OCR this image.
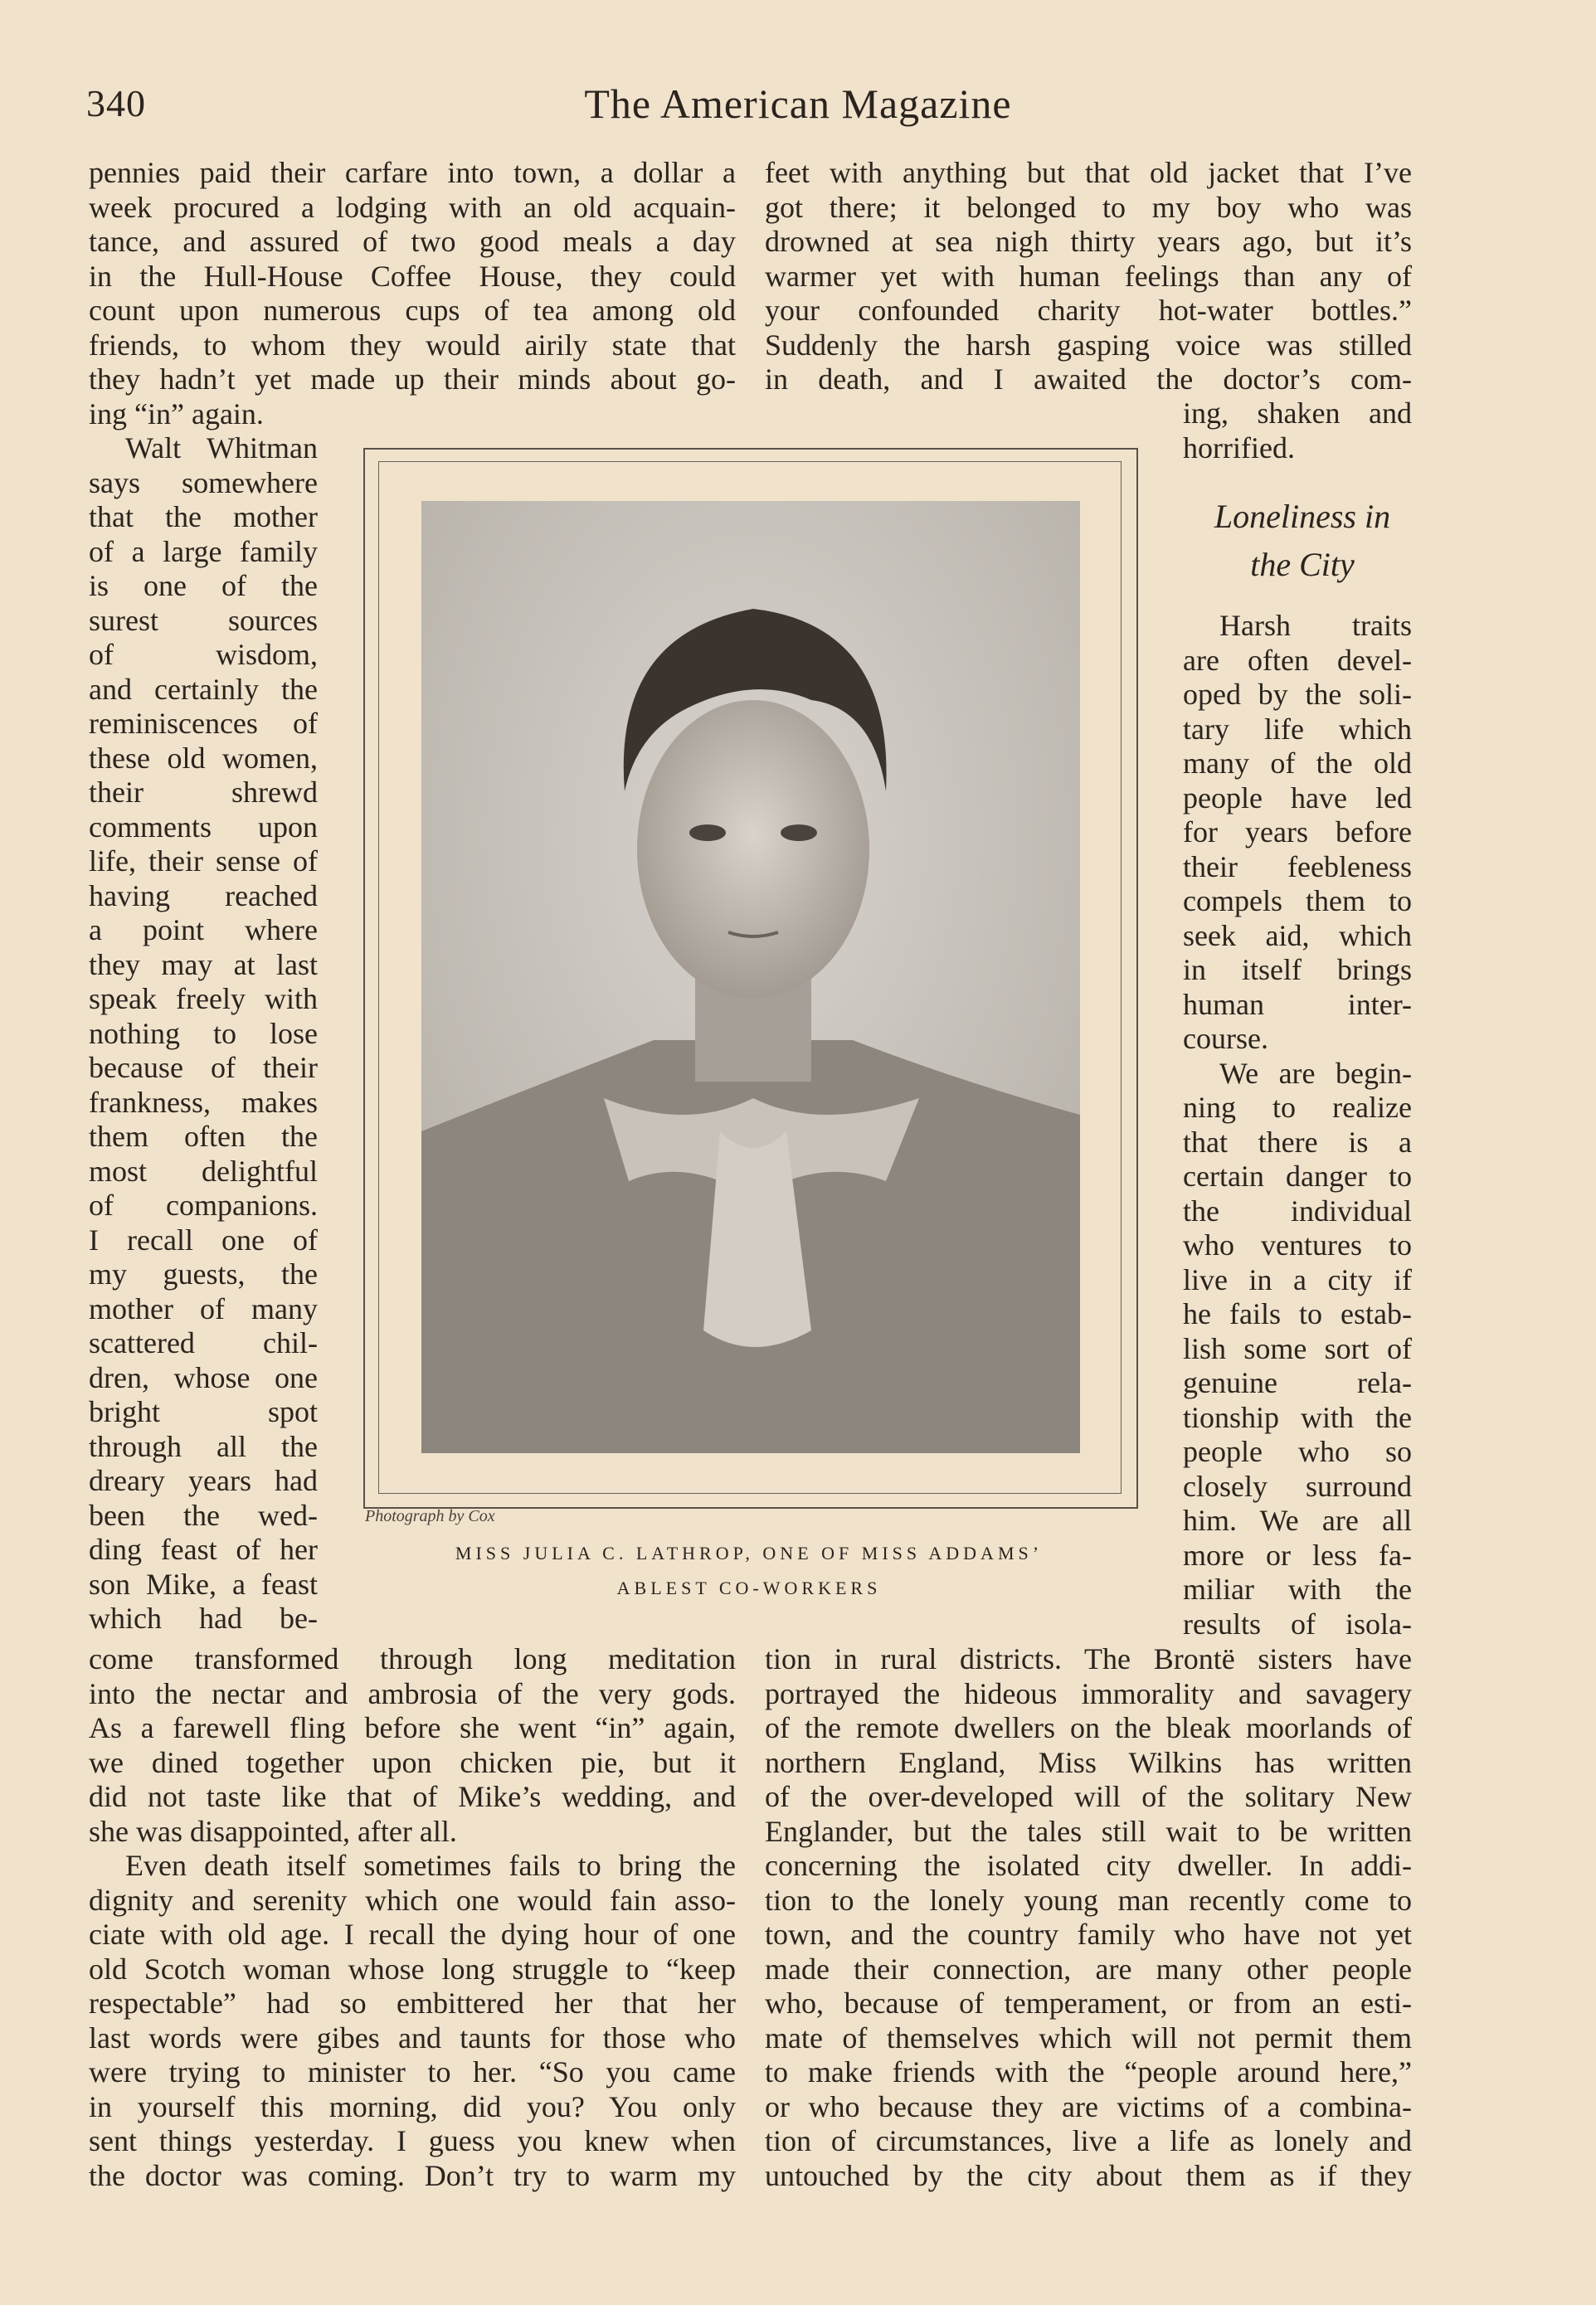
340	The American Magazine
pennies paid their carfare into town, a dollar a
week procured a lodging with an old acquain-
tance, and assured of two good meals a day
in the Hull-House Coffee House, they could
count upon numerous cups of tea among old
friends, to whom they would airily state that
they hadn’t yet made up their minds about go-
ing “in” again.
feet with anything but that old jacket that I’ve
got there; it belonged to my boy who was
drowned at sea nigh thirty years ago, but it’s
warmer yet with human feelings than any of
your confounded charity hot-water bottles.”
Suddenly the harsh gasping voice was stilled
in death, and I awaited the doctor’s com-
ing, shaken and
horrified.
Walt Whitman
says somewhere
that the mother
of a large family
is one of the
surest sources
of wisdom,
and certainly the
reminiscences of
these old women,
their shrewd
comments upon
life, their sense of
having reached
a point where
they may at last
speak freely with
nothing to lose
because of their
frankness, makes
them often the
most delightful
of companions.
I recall one of
my guests, the
mother of many
scattered chil-
dren, whose one
bright spot
through all the
dreary years had
been the wed-
ding feast of her
son Mike, a feast
which had be-
Loneliness in
the City
Harsh traits
are often devel-
oped by the soli-
tary life which
many of the old
people have led
for years before
their feebleness
compels them to
seek aid, which
in itself brings
human inter-
course.
We are begin-
ning to realize
that there is a
certain danger to
the individual
who ventures to
live in a city if
he fails to estab-
lish some sort of
genuine rela-
tionship with the
people who so
closely surround
him. We are all
more or less fa-
miliar with the
results of isola-
Photograph by Cox
MISS JULIA C. LATHROP, ONE OF MISS ADDAMS’
ABLEST CO-WORKERS
come transformed through long meditation
into the nectar and ambrosia of the very gods.
As a farewell fling before she went “in” again,
we dined together upon chicken pie, but it
did not taste like that of Mike’s wedding, and
she was disappointed, after all.
Even death itself sometimes fails to bring the
dignity and serenity which one would fain asso-
ciate with old age. I recall the dying hour of one
old Scotch woman whose long struggle to “keep
respectable” had so embittered her that her
last words were gibes and taunts for those who
were trying to minister to her. “So you came
in yourself this morning, did you? You only
sent things yesterday. I guess you knew when
the doctor was coming. Don’t try to warm my
tion in rural districts. The Brontë sisters have
portrayed the hideous immorality and savagery
of the remote dwellers on the bleak moorlands of
northern England, Miss Wilkins has written
of the over-developed will of the solitary New
Englander, but the tales still wait to be written
concerning the isolated city dweller. In addi-
tion to the lonely young man recently come to
town, and the country family who have not yet
made their connection, are many other people
who, because of temperament, or from an esti-
mate of themselves which will not permit them
to make friends with the “people around here,”
or who because they are victims of a combina-
tion of circumstances, live a life as lonely and
untouched by the city about them as if they
